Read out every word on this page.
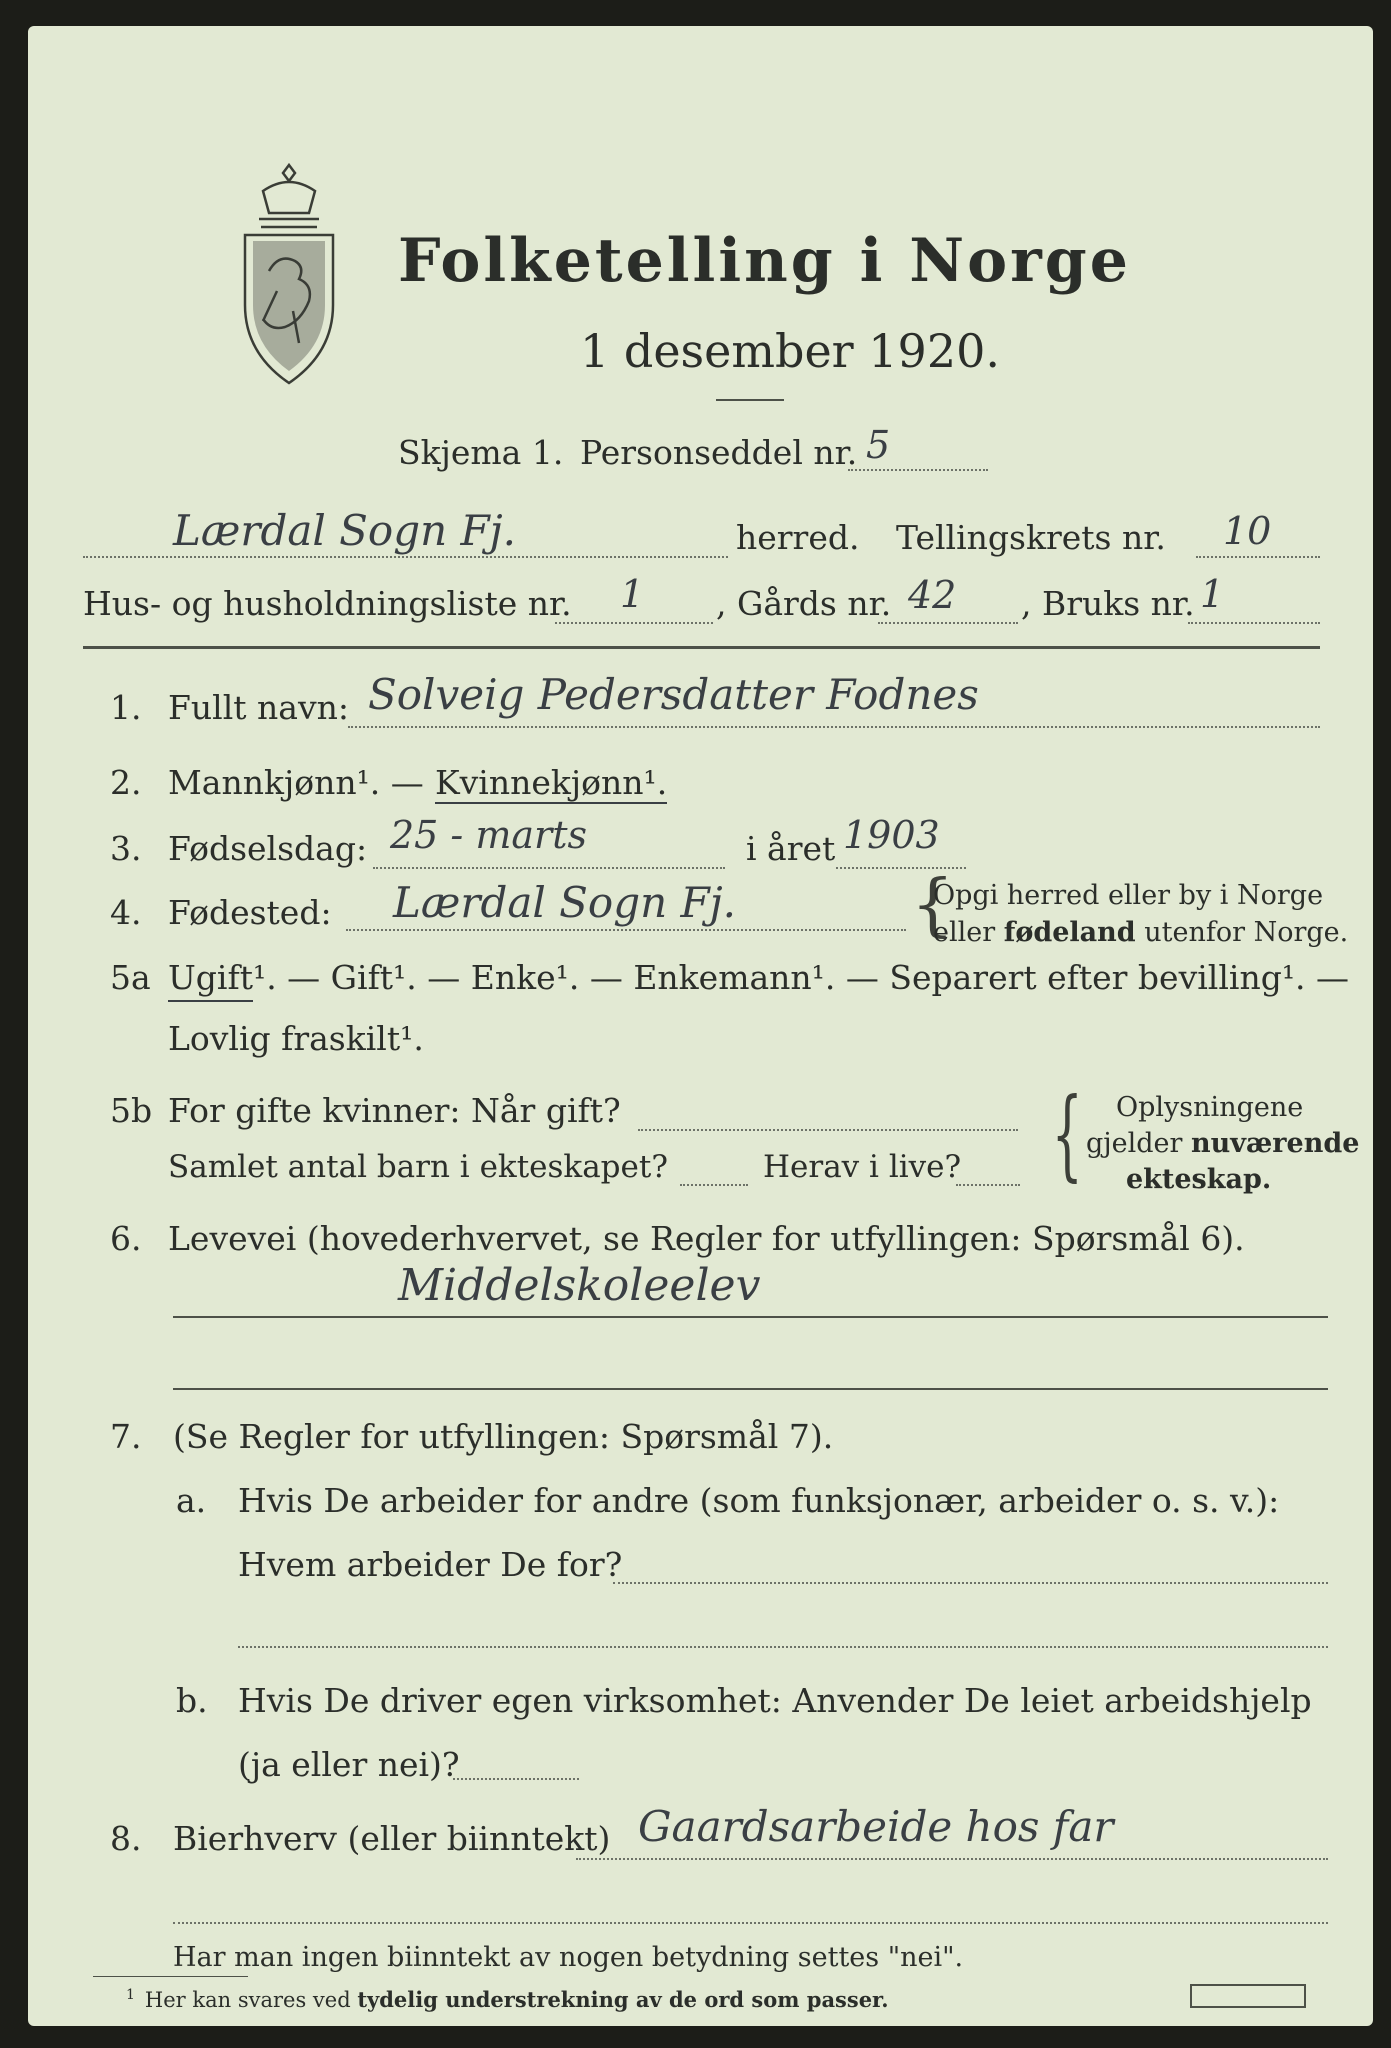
Folketelling i Norge
1 desember 1920.
Skjema 1. Personseddel nr. 5
Lærdal Sogn Fj.	herred. Tellingskrets nr. 10
Hus- og husholdningsliste nr. 1 , Gårds nr. 42 , Bruks nr. 1
1. Fullt navn: Solveig Pedersdatter Fodnes
2. Mannkjønn¹. — Kvinnekjønn¹.
3. Fødselsdag: 25 - marts	i året 1903
4. Fødested: Lærdal Sogn Fj.	{
Opgi herred eller by i Norge
eller fødeland utenfor Norge.
5a Ugift¹. — Gift¹. — Enke¹. — Enkemann¹. — Separert efter bevilling¹. —
Lovlig fraskilt¹.
5b For gifte kvinner: Når gift?
Samlet antal barn i ekteskapet?	Herav i live? { Oplysningene
gjelder nuværende
ekteskap.
6. Levevei (hovederhvervet, se Regler for utfyllingen: Spørsmål 6).
Middelskoleelev
7. (Se Regler for utfyllingen: Spørsmål 7).
a. Hvis De arbeider for andre (som funksjonær, arbeider o. s. v.):
Hvem arbeider De for?
b. Hvis De driver egen virksomhet: Anvender De leiet arbeidshjelp
(ja eller nei)?
8. Bierhverv (eller biinntekt) Gaardsarbeide hos far
Har man ingen biinntekt av nogen betydning settes "nei".
$^1$ Her kan svares ved tydelig understrekning av de ord som passer.
